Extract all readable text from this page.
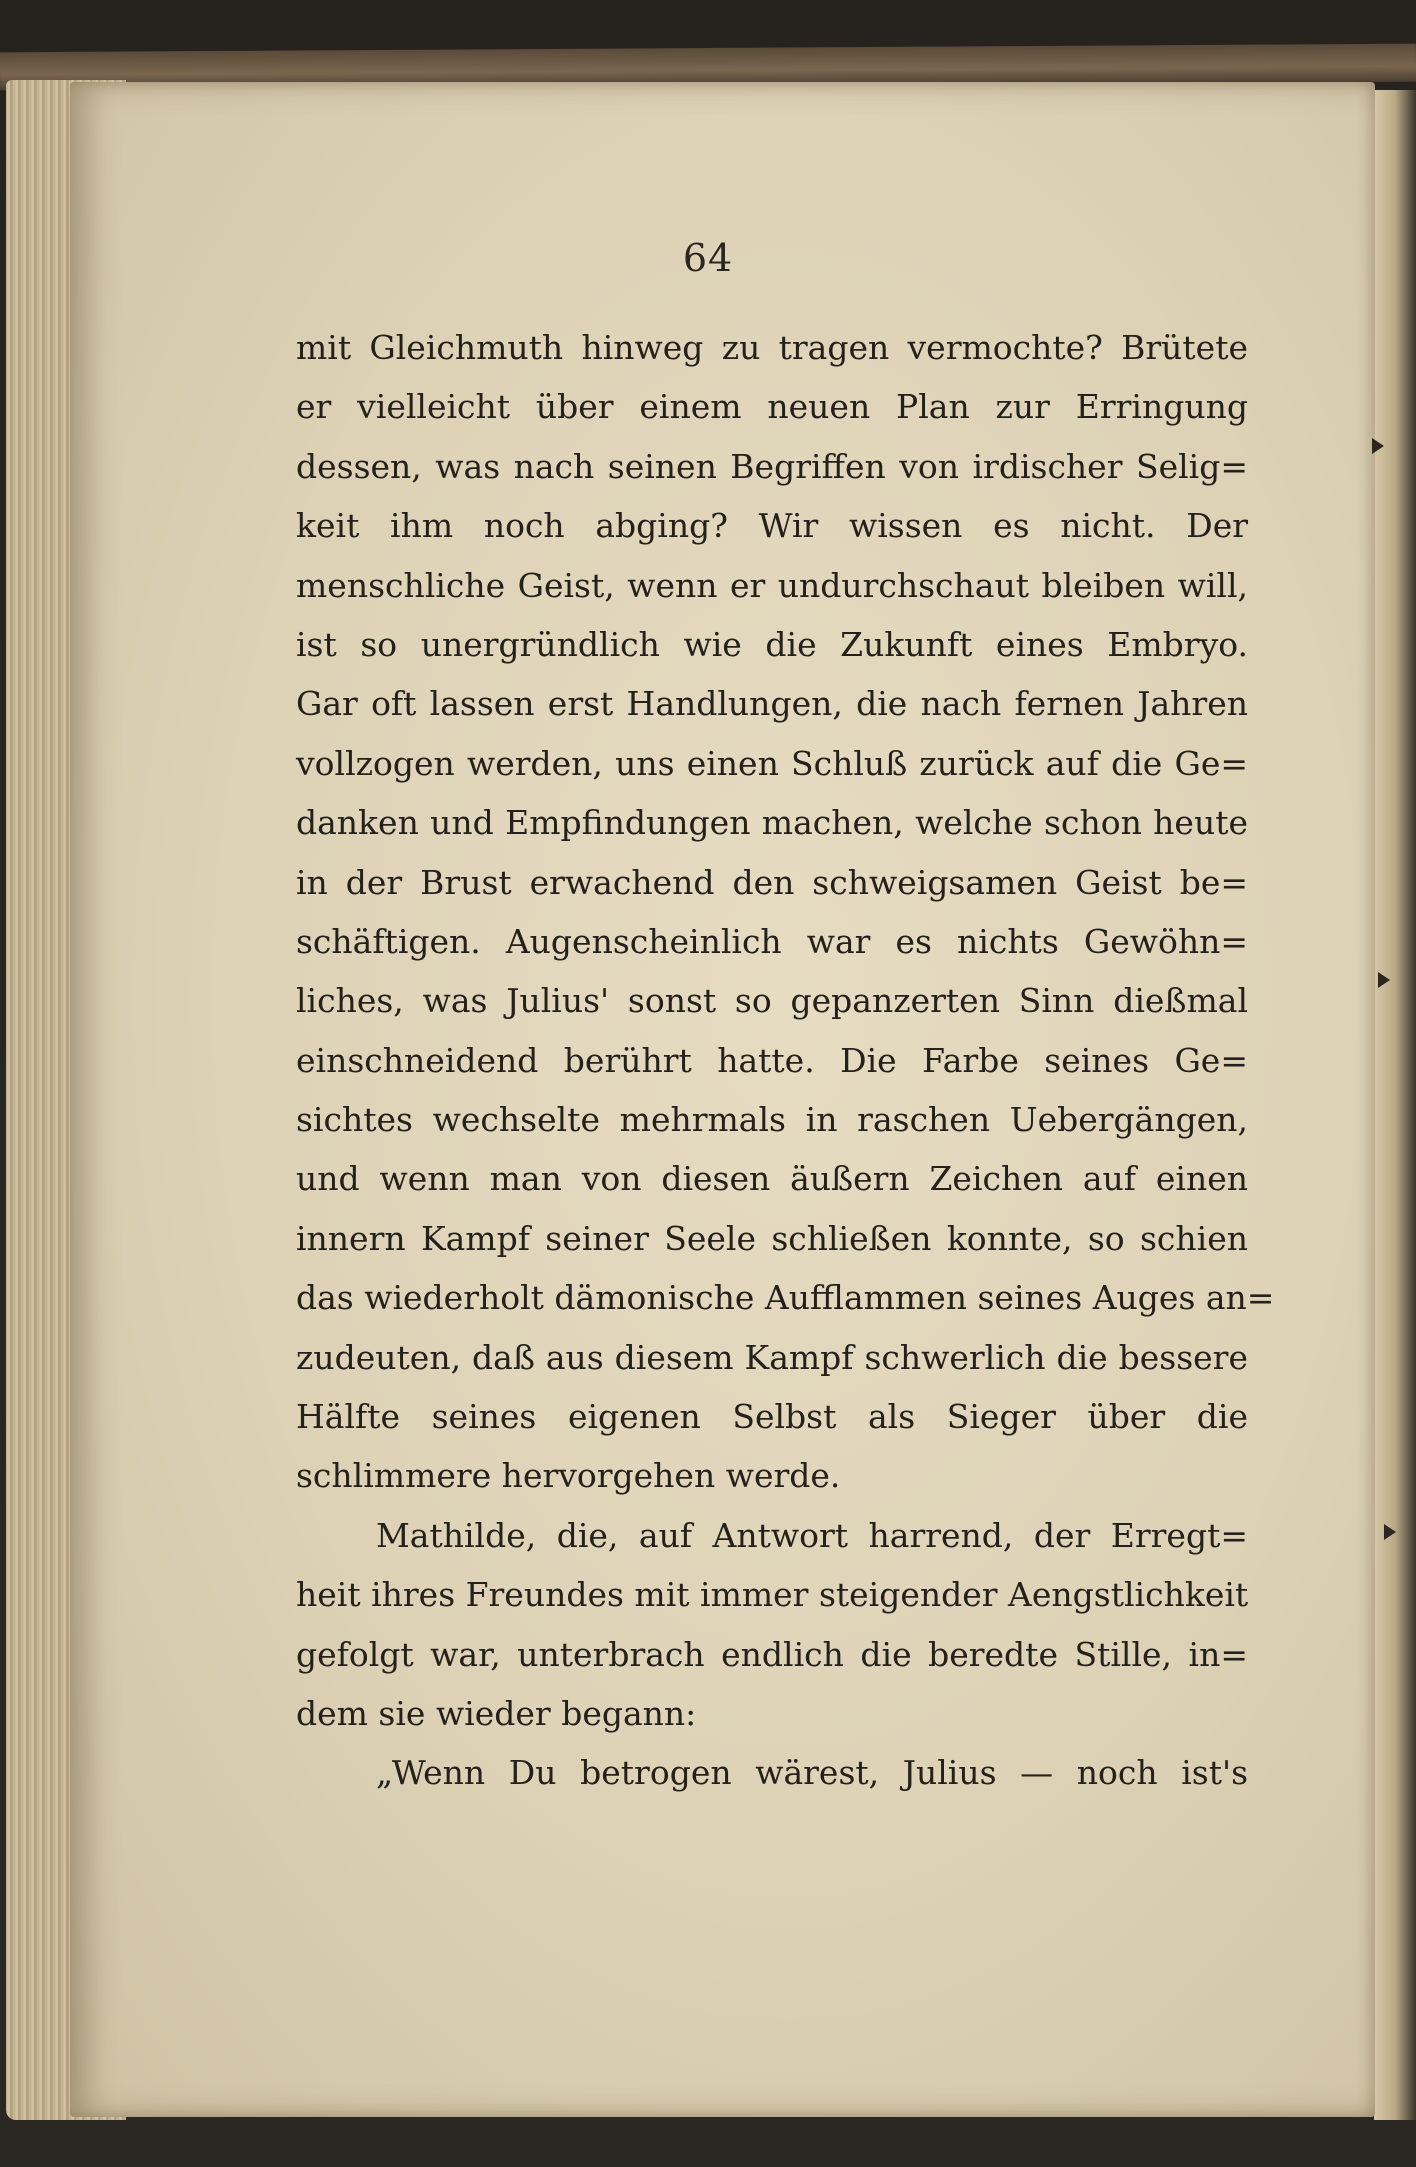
64
mit Gleichmuth hinweg zu tragen vermochte? Brütete
er vielleicht über einem neuen Plan zur Erringung
dessen, was nach seinen Begriffen von irdischer Selig=
keit ihm noch abging? Wir wissen es nicht. Der
menschliche Geist, wenn er undurchschaut bleiben will,
ist so unergründlich wie die Zukunft eines Embryo.
Gar oft lassen erst Handlungen, die nach fernen Jahren
vollzogen werden, uns einen Schluß zurück auf die Ge=
danken und Empfindungen machen, welche schon heute
in der Brust erwachend den schweigsamen Geist be=
schäftigen. Augenscheinlich war es nichts Gewöhn=
liches, was Julius' sonst so gepanzerten Sinn dießmal
einschneidend berührt hatte. Die Farbe seines Ge=
sichtes wechselte mehrmals in raschen Uebergängen,
und wenn man von diesen äußern Zeichen auf einen
innern Kampf seiner Seele schließen konnte, so schien
das wiederholt dämonische Aufflammen seines Auges an=
zudeuten, daß aus diesem Kampf schwerlich die bessere
Hälfte seines eigenen Selbst als Sieger über die
schlimmere hervorgehen werde.
Mathilde, die, auf Antwort harrend, der Erregt=
heit ihres Freundes mit immer steigender Aengstlichkeit
gefolgt war, unterbrach endlich die beredte Stille, in=
dem sie wieder begann:
„Wenn Du betrogen wärest, Julius — noch ist's
